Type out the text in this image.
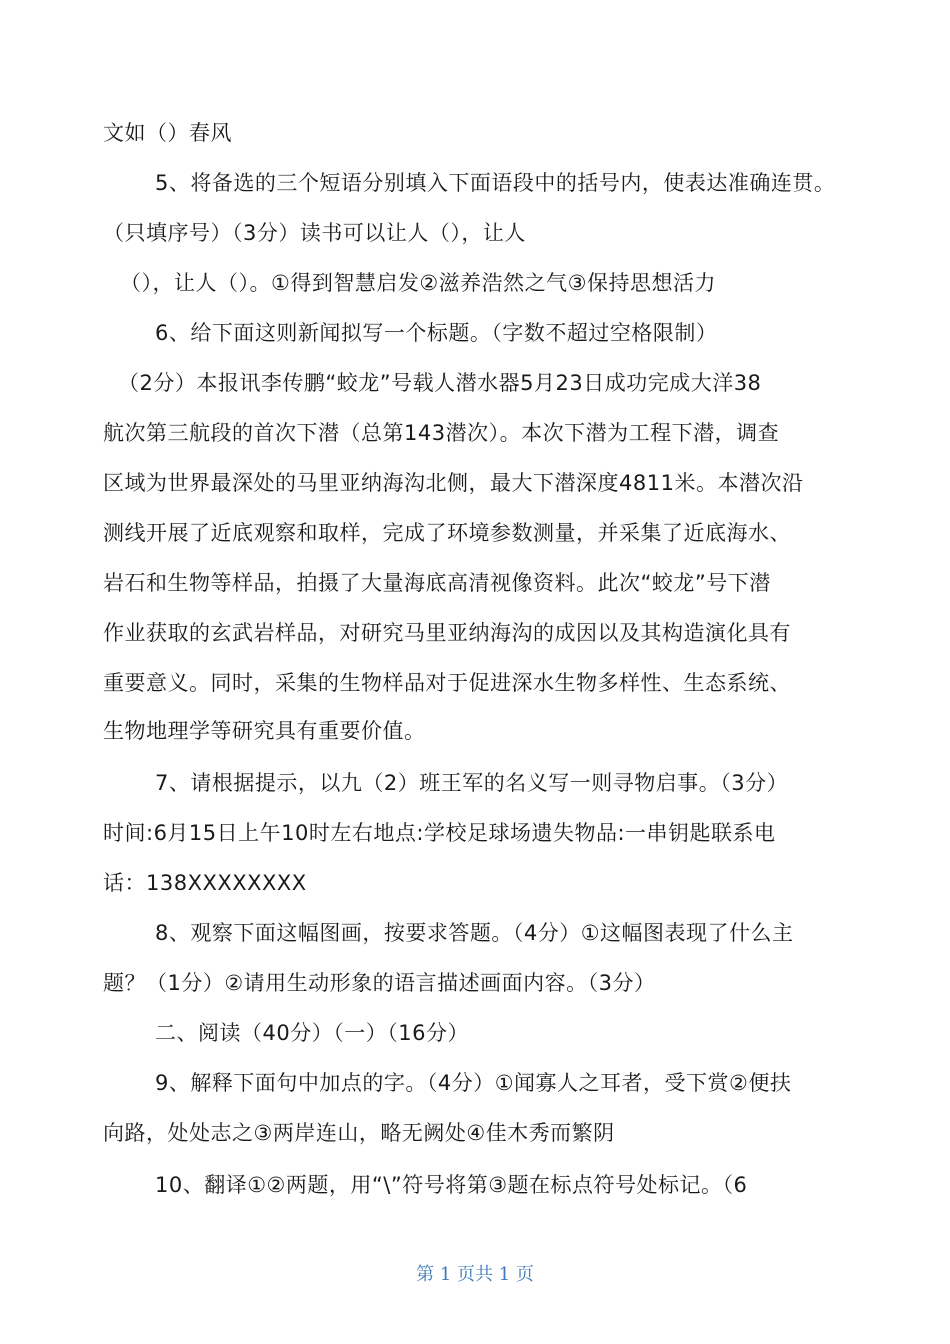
文如（）春风
5、将备选的三个短语分别填入下面语段中的括号内，使表达准确连贯。
（只填序号）（3分）读书可以让人（），让人
（），让人（）。①得到智慧启发②滋养浩然之气③保持思想活力
6、给下面这则新闻拟写一个标题。（字数不超过空格限制）
（2分）本报讯李传鹏“蛟龙”号载人潜水器5月23日成功完成大洋38
航次第三航段的首次下潜（总第143潜次）。本次下潜为工程下潜，调查
区域为世界最深处的马里亚纳海沟北侧，最大下潜深度4811米。本潜次沿
测线开展了近底观察和取样，完成了环境参数测量，并采集了近底海水、
岩石和生物等样品，拍摄了大量海底高清视像资料。此次“蛟龙”号下潜
作业获取的玄武岩样品，对研究马里亚纳海沟的成因以及其构造演化具有
重要意义。同时，采集的生物样品对于促进深水生物多样性、生态系统、
生物地理学等研究具有重要价值。
7、请根据提示，以九（2）班王军的名义写一则寻物启事。（3分）
时间:6月15日上午10时左右地点:学校足球场遗失物品:一串钥匙联系电
话：138XXXXXXXX
8、观察下面这幅图画，按要求答题。（4分）①这幅图表现了什么主
题？（1分）②请用生动形象的语言描述画面内容。（3分）
二、阅读（40分）（一）（16分）
9、解释下面句中加点的字。（4分）①闻寡人之耳者，受下赏②便扶
向路，处处志之③两岸连山，略无阙处④佳木秀而繁阴
10、翻译①②两题，用“\”符号将第③题在标点符号处标记。（6
第 1 页共 1 页
